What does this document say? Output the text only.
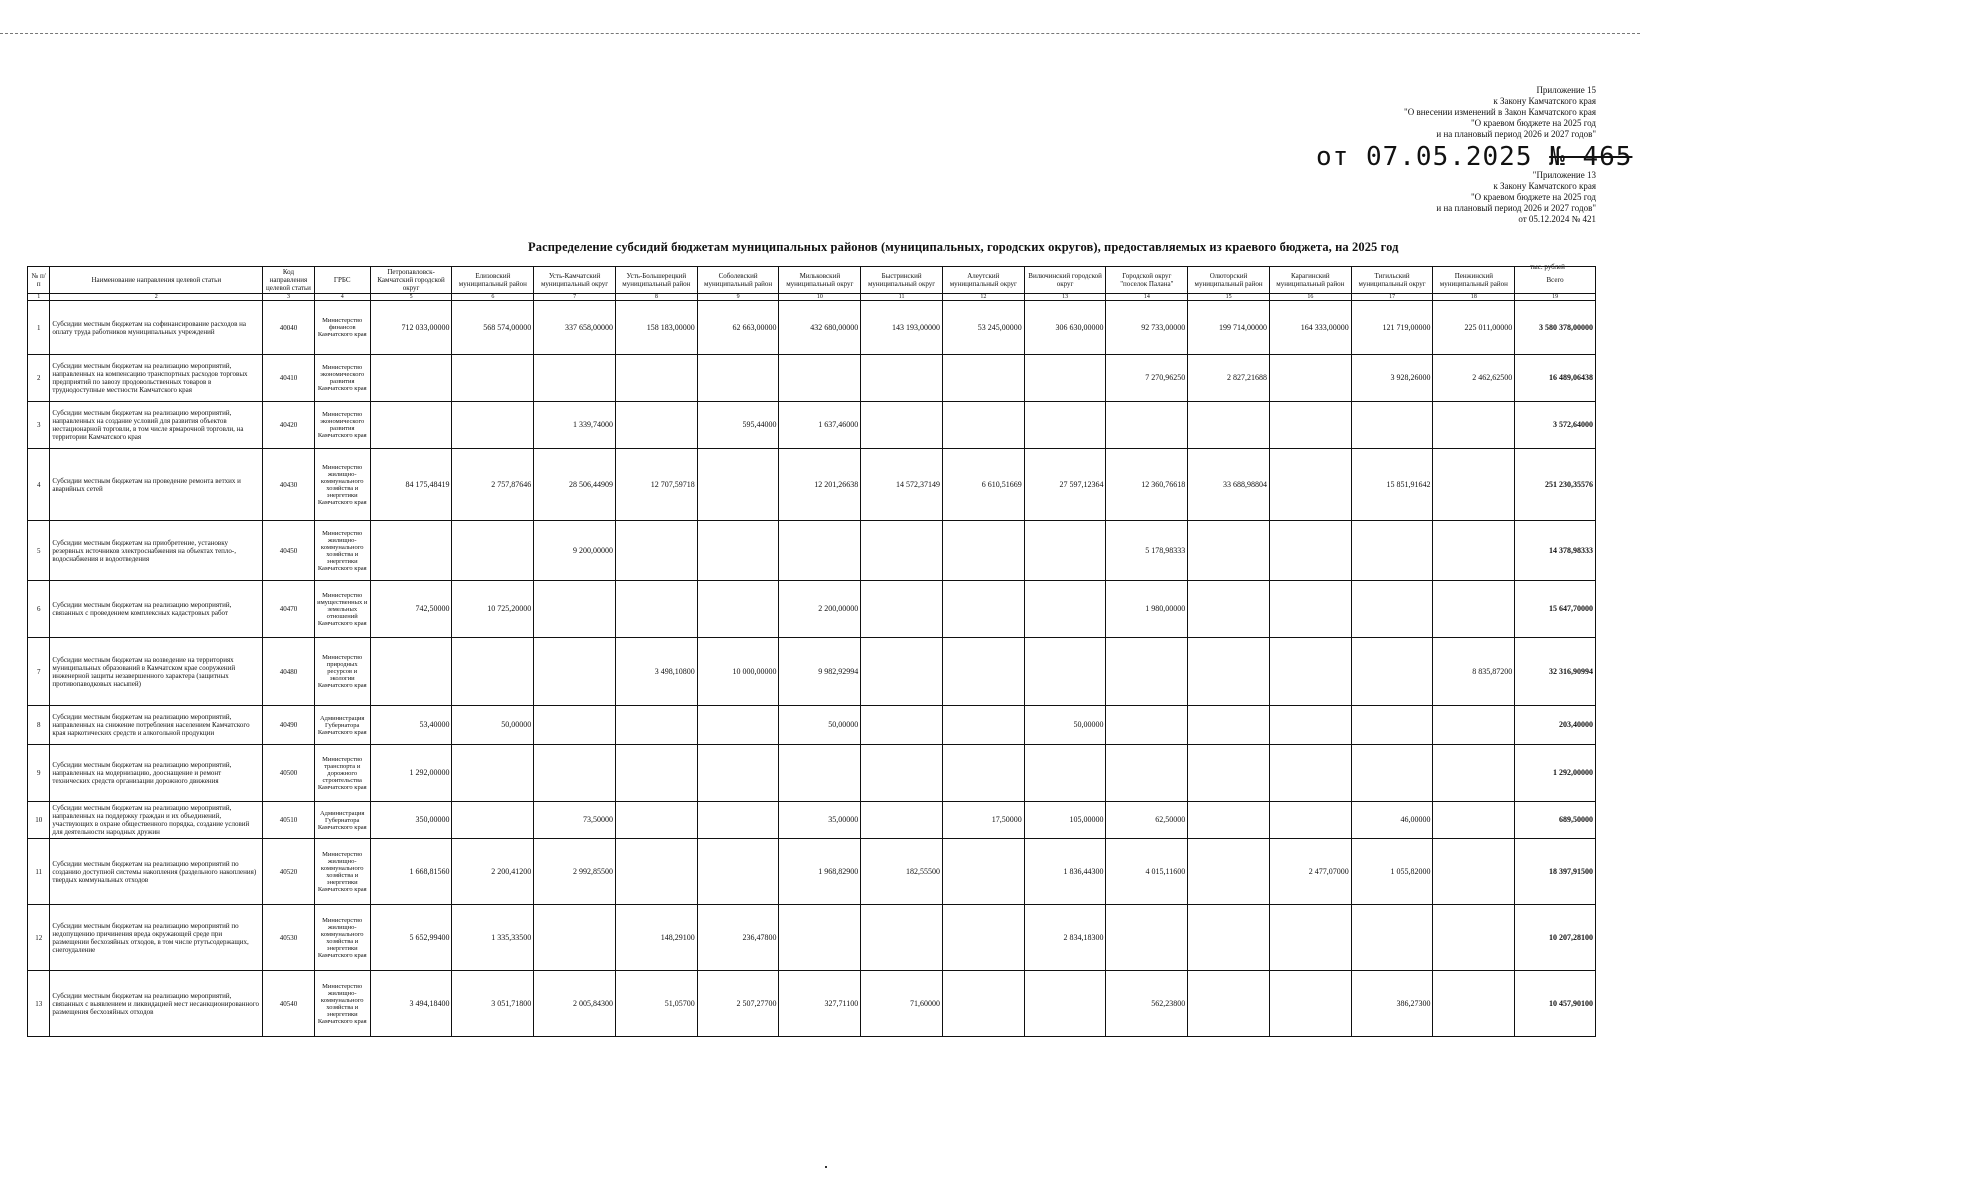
Приложение 15
к Закону Камчатского края
"О внесении изменений в Закон Камчатского края
"О краевом бюджете на 2025 год
и на плановый период 2026 и 2027 годов"
от 07.05.2025 № 465
"Приложение 13
к Закону Камчатского края
"О краевом бюджете на 2025 год
и на плановый период 2026 и 2027 годов"
от 05.12.2024 № 421
Распределение субсидий бюджетам муниципальных районов (муниципальных, городских округов), предоставляемых из краевого бюджета, на 2025 год
тыс. рублей
№ п/п	Наименование направления целевой статьи	Код направления целевой статьи	ГРБС	Петропавловск-Камчатский городской округ	Елизовский муниципальный район	Усть-Камчатский муниципальный округ	Усть-Большерецкий муниципальный район	Соболевский муниципальный район	Мильковский муниципальный округ	Быстринский муниципальный округ	Алеутский муниципальный округ	Вилючинский городской округ	Городской округ "поселок Палана"	Олюторский муниципальный район	Карагинский муниципальный район	Тигильский муниципальный округ	Пенжинский муниципальный район	Всего
1	2	3	4	5	6	7	8	9	10	11	12	13	14	15	16	17	18	19
1	Субсидии местным бюджетам на софинансирование расходов на оплату труда работников муниципальных учреждений	40040	Министерство финансов Камчатского края	712 033,00000	568 574,00000	337 658,00000	158 183,00000	62 663,00000	432 680,00000	143 193,00000	53 245,00000	306 630,00000	92 733,00000	199 714,00000	164 333,00000	121 719,00000	225 011,00000	3 580 378,00000
2	Субсидии местным бюджетам на реализацию мероприятий, направленных на компенсацию транспортных расходов торговых предприятий по завозу продовольственных товаров в труднодоступные местности Камчатского края	40410	Министерство экономического развития Камчатского края										7 270,96250	2 827,21688		3 928,26000	2 462,62500	16 489,06438
3	Субсидии местным бюджетам на реализацию мероприятий, направленных на создание условий для развития объектов нестационарной торговли, в том числе ярмарочной торговли, на территории Камчатского края	40420	Министерство экономического развития Камчатского края			1 339,74000		595,44000	1 637,46000									3 572,64000
4	Субсидии местным бюджетам на проведение ремонта ветхих и аварийных сетей	40430	Министерство жилищно-коммунального хозяйства и энергетики Камчатского края	84 175,48419	2 757,87646	28 506,44909	12 707,59718		12 201,26638	14 572,37149	6 610,51669	27 597,12364	12 360,76618	33 688,98804		15 851,91642		251 230,35576
5	Субсидии местным бюджетам на приобретение, установку резервных источников электроснабжения на объектах тепло-, водоснабжения и водоотведения	40450	Министерство жилищно-коммунального хозяйства и энергетики Камчатского края			9 200,00000							5 178,98333					14 378,98333
6	Субсидии местным бюджетам на реализацию мероприятий, связанных с проведением комплексных кадастровых работ	40470	Министерство имущественных и земельных отношений Камчатского края	742,50000	10 725,20000				2 200,00000				1 980,00000					15 647,70000
7	Субсидии местным бюджетам на возведение на территориях муниципальных образований в Камчатском крае сооружений инженерной защиты незавершенного характера (защитных противопаводковых насыпей)	40480	Министерство природных ресурсов и экологии Камчатского края				3 498,10800	10 000,00000	9 982,92994								8 835,87200	32 316,90994
8	Субсидии местным бюджетам на реализацию мероприятий, направленных на снижение потребления населением Камчатского края наркотических средств и алкогольной продукции	40490	Администрация Губернатора Камчатского края	53,40000	50,00000				50,00000			50,00000						203,40000
9	Субсидии местным бюджетам на реализацию мероприятий, направленных на модернизацию, дооснащение и ремонт технических средств организации дорожного движения	40500	Министерство транспорта и дорожного строительства Камчатского края	1 292,00000														1 292,00000
10	Субсидии местным бюджетам на реализацию мероприятий, направленных на поддержку граждан и их объединений, участвующих в охране общественного порядка, создание условий для деятельности народных дружин	40510	Администрация Губернатора Камчатского края	350,00000		73,50000			35,00000		17,50000	105,00000	62,50000			46,00000		689,50000
11	Субсидии местным бюджетам на реализацию мероприятий по созданию доступной системы накопления (раздельного накопления) твердых коммунальных отходов	40520	Министерство жилищно-коммунального хозяйства и энергетики Камчатского края	1 668,81560	2 200,41200	2 992,85500			1 968,82900	182,55500		1 836,44300	4 015,11600		2 477,07000	1 055,82000		18 397,91500
12	Субсидии местным бюджетам на реализацию мероприятий по недопущению причинения вреда окружающей среде при размещении бесхозяйных отходов, в том числе ртутьсодержащих, снегоудаление	40530	Министерство жилищно-коммунального хозяйства и энергетики Камчатского края	5 652,99400	1 335,33500		148,29100	236,47800				2 834,18300						10 207,28100
13	Субсидии местным бюджетам на реализацию мероприятий, связанных с выявлением и ликвидацией мест несанкционированного размещения бесхозяйных отходов	40540	Министерство жилищно-коммунального хозяйства и энергетики Камчатского края	3 494,18400	3 051,71800	2 005,84300	51,05700	2 507,27700	327,71100	71,60000			562,23800			386,27300		10 457,90100
